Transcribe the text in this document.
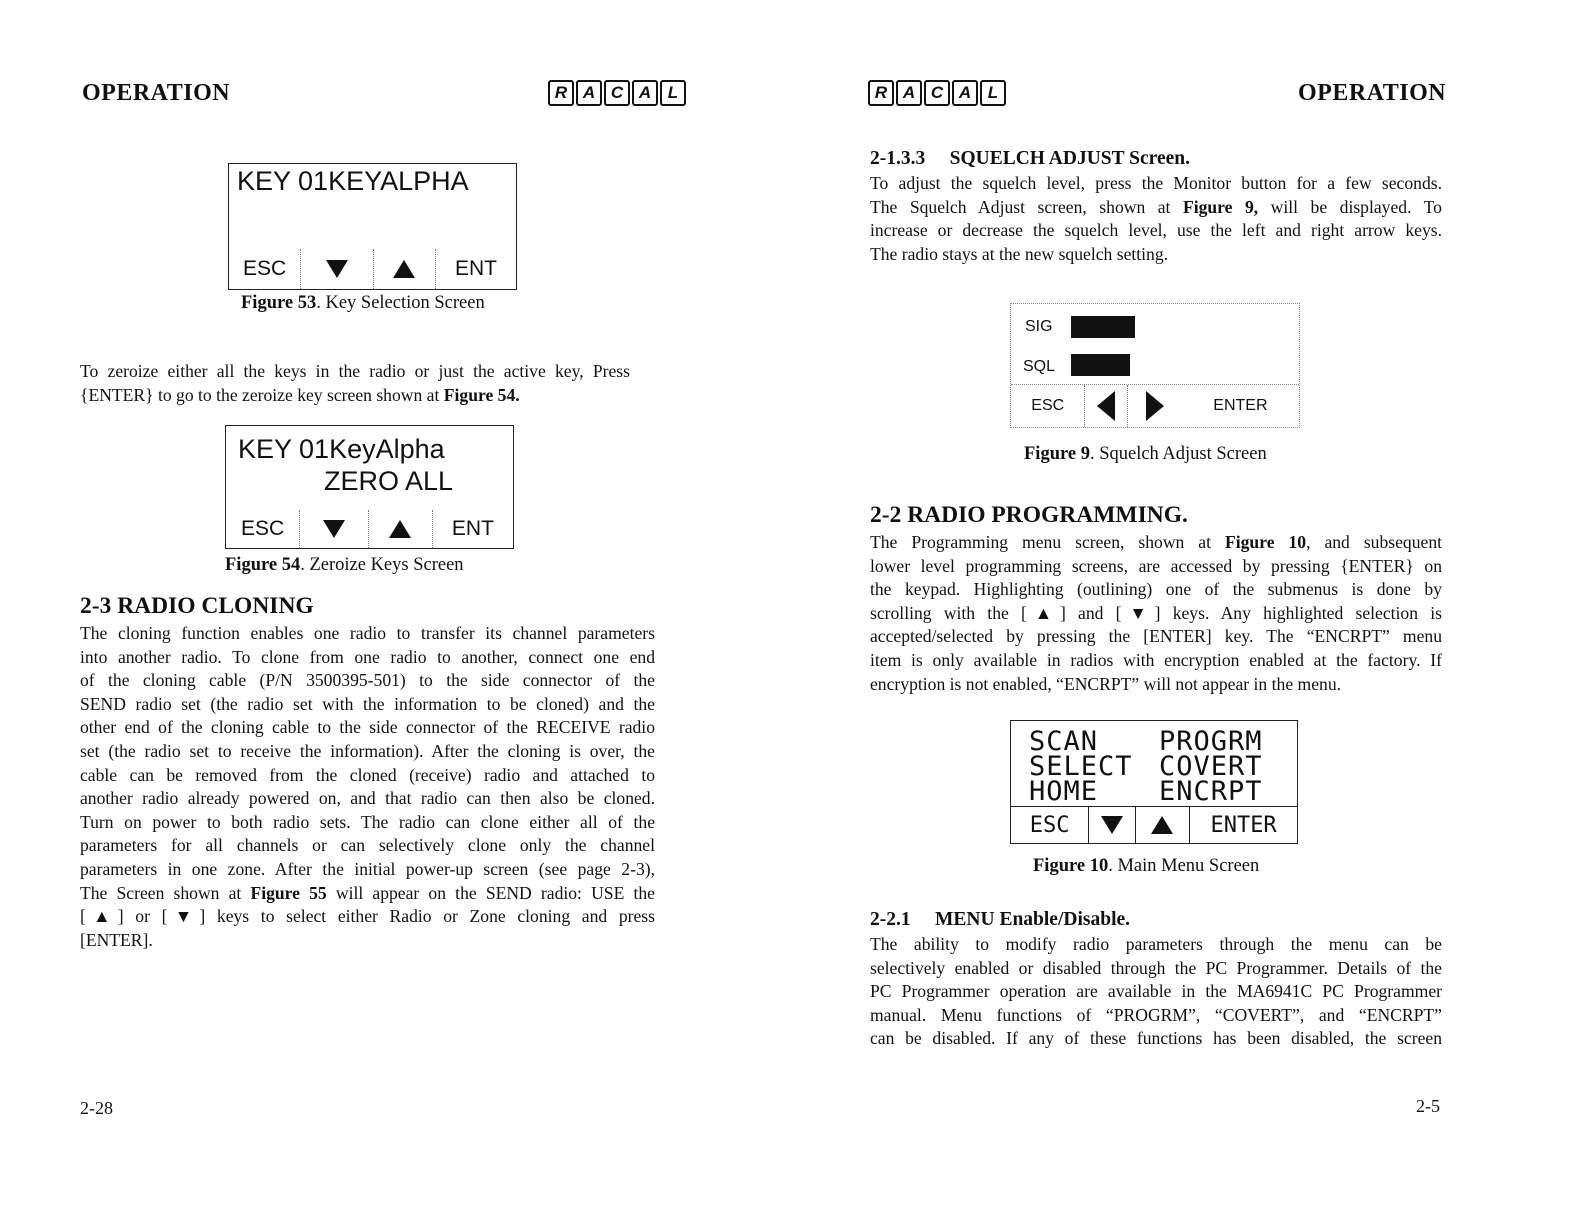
OPERATION	R A C A L
KEY 01KEYALPHA
ESC	ENT
Figure 53. Key Selection Screen
To zeroize either all the keys in the radio or just the active key, Press
{ENTER} to go to the zeroize key screen shown at Figure 54.
KEY 01KeyAlpha
ZERO ALL
ESC	ENT
Figure 54. Zeroize Keys Screen
2-3 RADIO CLONING
The cloning function enables one radio to transfer its channel parameters
into another radio. To clone from one radio to another, connect one end
of the cloning cable (P/N 3500395-501) to the side connector of the
SEND radio set (the radio set with the information to be cloned) and the
other end of the cloning cable to the side connector of the RECEIVE radio
set (the radio set to receive the information). After the cloning is over, the
cable can be removed from the cloned (receive) radio and attached to
another radio already powered on, and that radio can then also be cloned.
Turn on power to both radio sets. The radio can clone either all of the
parameters for all channels or can selectively clone only the channel
parameters in one zone. After the initial power-up screen (see page 2-3),
The Screen shown at Figure 55 will appear on the SEND radio: USE the
[▲] or [▼] keys to select either Radio or Zone cloning and press
[ENTER].
2-28
R A C A L	OPERATION
2-1.3.3     SQUELCH ADJUST Screen.
To adjust the squelch level, press the Monitor button for a few seconds.
The Squelch Adjust screen, shown at Figure 9, will be displayed. To
increase or decrease the squelch level, use the left and right arrow keys.
The radio stays at the new squelch setting.
SIG
SQL
ESC	ENTER
Figure 9. Squelch Adjust Screen
2-2 RADIO PROGRAMMING.
The Programming menu screen, shown at Figure 10, and subsequent
lower level programming screens, are accessed by pressing {ENTER} on
the keypad. Highlighting (outlining) one of the submenus is done by
scrolling with the [▲] and [▼] keys. Any highlighted selection is
accepted/selected by pressing the [ENTER] key. The “ENCRPT” menu
item is only available in radios with encryption enabled at the factory. If
encryption is not enabled, “ENCRPT” will not appear in the menu.
SCAN
SELECT
HOME
PROGRM
COVERT
ENCRPT
ESC	ENTER
Figure 10. Main Menu Screen
2-2.1     MENU Enable/Disable.
The ability to modify radio parameters through the menu can be
selectively enabled or disabled through the PC Programmer. Details of the
PC Programmer operation are available in the MA6941C PC Programmer
manual. Menu functions of “PROGRM”, “COVERT”, and “ENCRPT”
can be disabled. If any of these functions has been disabled, the screen
2-5
